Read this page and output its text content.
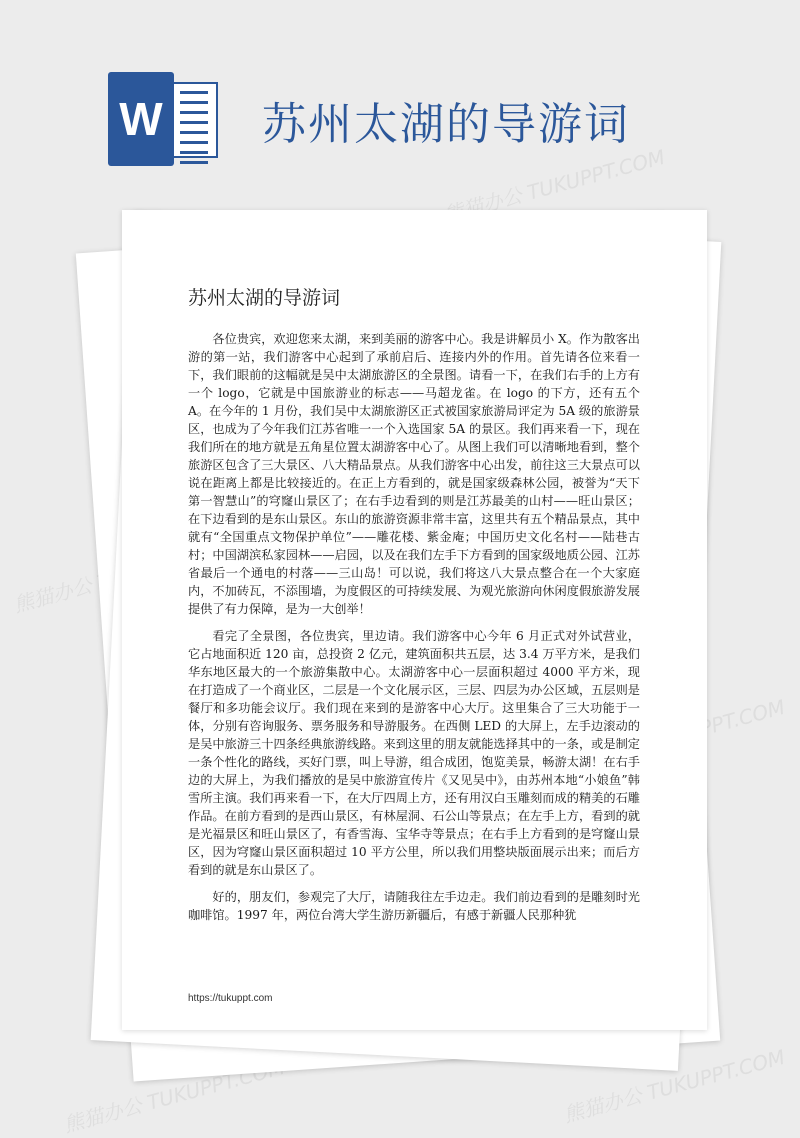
W 苏州太湖的导游词
熊猫办公 TUKUPPT.COM
熊猫办公
TUKUPPT.COM
熊猫办公 TUKUPPT.COM	熊猫办公 TUKUPPT.COM
苏州太湖的导游词

各位贵宾，欢迎您来太湖，来到美丽的游客中心。我是讲解员小 X。作为散客出游的第一站，我们游客中心起到了承前启后、连接内外的作用。首先请各位来看一下，我们眼前的这幅就是吴中太湖旅游区的全景图。请看一下，在我们右手的上方有一个 logo，它就是中国旅游业的标志——马超龙雀。在 logo 的下方，还有五个 A。在今年的 1 月份，我们吴中太湖旅游区正式被国家旅游局评定为 5A 级的旅游景区，也成为了今年我们江苏省唯一一个入选国家 5A 的景区。我们再来看一下，现在我们所在的地方就是五角星位置太湖游客中心了。从图上我们可以清晰地看到，整个旅游区包含了三大景区、八大精品景点。从我们游客中心出发，前往这三大景点可以说在距离上都是比较接近的。在正上方看到的，就是国家级森林公园，被誉为“天下第一智慧山”的穹窿山景区了；在右手边看到的则是江苏最美的山村——旺山景区；在下边看到的是东山景区。东山的旅游资源非常丰富，这里共有五个精品景点，其中就有“全国重点文物保护单位”——雕花楼、紫金庵；中国历史文化名村——陆巷古村；中国湖滨私家园林——启园，以及在我们左手下方看到的国家级地质公园、江苏省最后一个通电的村落——三山岛！可以说，我们将这八大景点整合在一个大家庭内，不加砖瓦，不添围墙，为度假区的可持续发展、为观光旅游向休闲度假旅游发展提供了有力保障，是为一大创举！

看完了全景图，各位贵宾，里边请。我们游客中心今年 6 月正式对外试营业，它占地面积近 120 亩，总投资 2 亿元，建筑面积共五层，达 3.4 万平方米，是我们华东地区最大的一个旅游集散中心。太湖游客中心一层面积超过 4000 平方米，现在打造成了一个商业区，二层是一个文化展示区，三层、四层为办公区域，五层则是餐厅和多功能会议厅。我们现在来到的是游客中心大厅。这里集合了三大功能于一体，分别有咨询服务、票务服务和导游服务。在西侧 LED 的大屏上，左手边滚动的是吴中旅游三十四条经典旅游线路。来到这里的朋友就能选择其中的一条，或是制定一条个性化的路线，买好门票，叫上导游，组合成团，饱览美景，畅游太湖！在右手边的大屏上，为我们播放的是吴中旅游宣传片《又见吴中》，由苏州本地“小娘鱼”韩雪所主演。我们再来看一下，在大厅四周上方，还有用汉白玉雕刻而成的精美的石雕作品。在前方看到的是西山景区，有林屋洞、石公山等景点；在左手上方，看到的就是光福景区和旺山景区了，有香雪海、宝华寺等景点；在右手上方看到的是穹窿山景区，因为穹窿山景区面积超过 10 平方公里，所以我们用整块版面展示出来；而后方看到的就是东山景区了。

好的，朋友们，参观完了大厅，请随我往左手边走。我们前边看到的是雕刻时光咖啡馆。1997 年，两位台湾大学生游历新疆后，有感于新疆人民那种犹

https://tukuppt.com
